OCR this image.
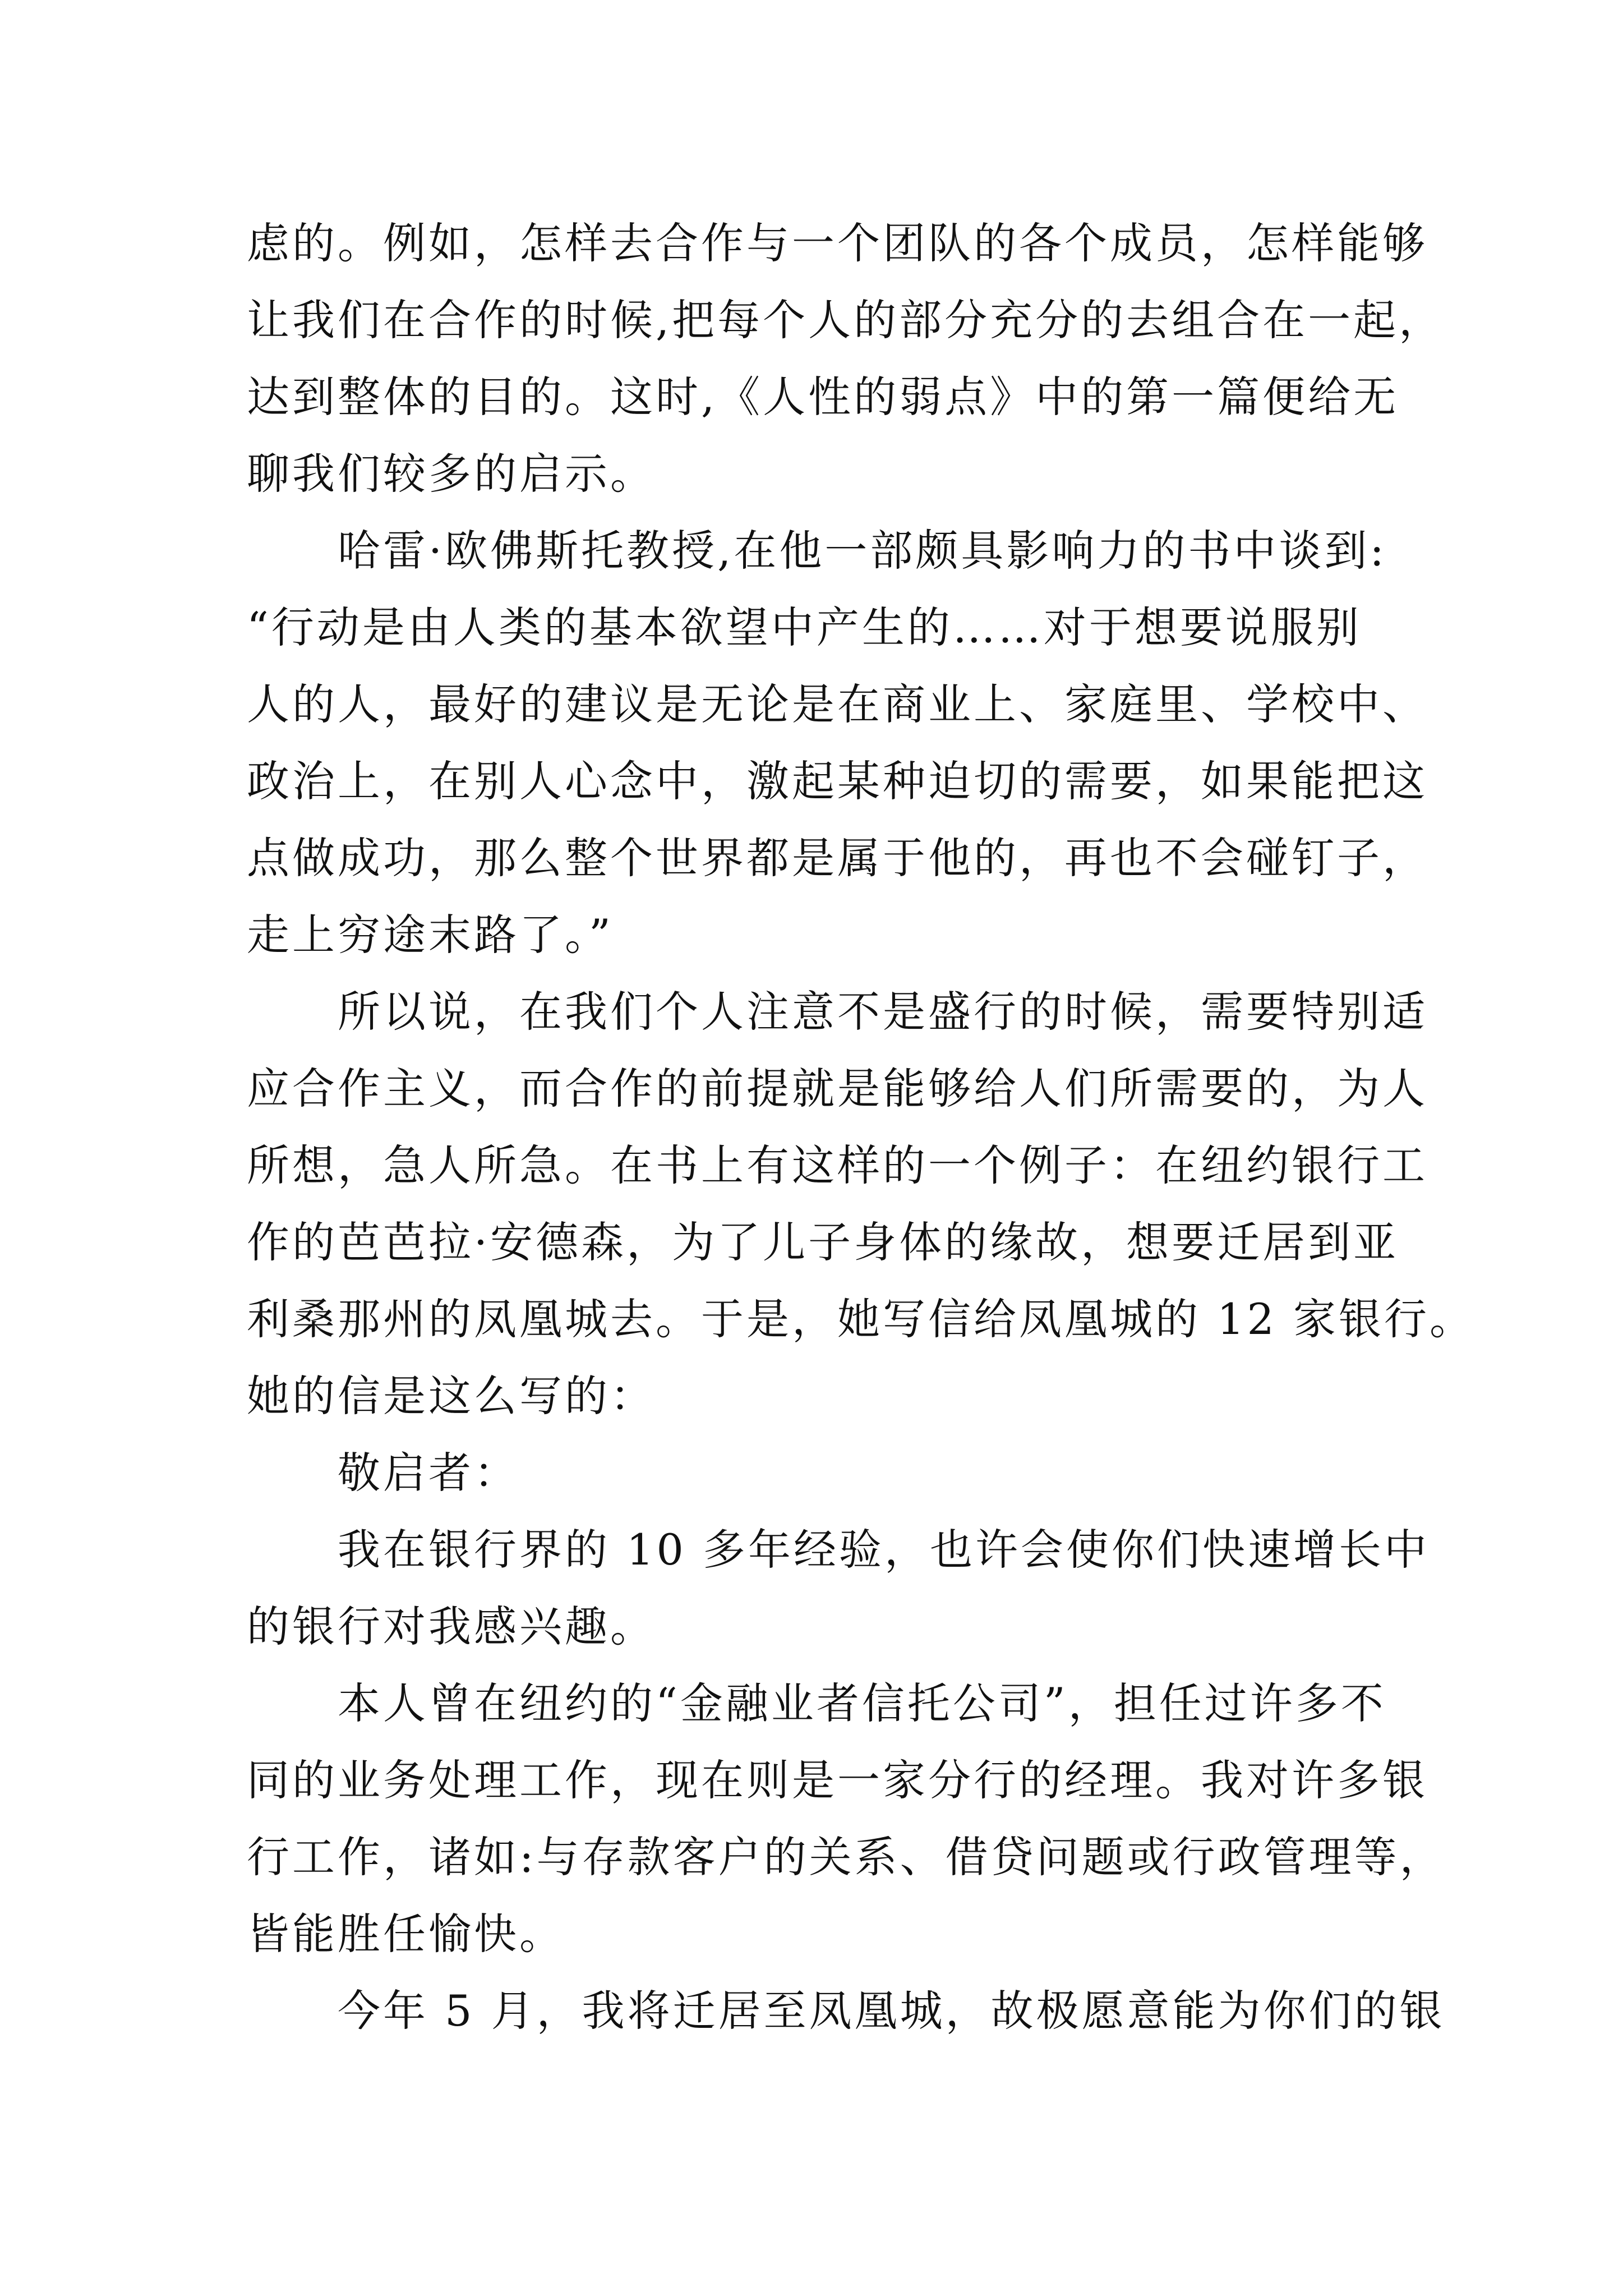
虑的。例如，怎样去合作与一个团队的各个成员，怎样能够
让我们在合作的时候,把每个人的部分充分的去组合在一起，
达到整体的目的。这时,《人性的弱点》中的第一篇便给无
聊我们较多的启示。
哈雷·欧佛斯托教授,在他一部颇具影响力的书中谈到:
“行动是由人类的基本欲望中产生的……对于想要说服别
人的人，最好的建议是无论是在商业上、家庭里、学校中、
政治上，在别人心念中，激起某种迫切的需要，如果能把这
点做成功，那么整个世界都是属于他的，再也不会碰钉子，
走上穷途末路了。”
所以说，在我们个人注意不是盛行的时候，需要特别适
应合作主义，而合作的前提就是能够给人们所需要的，为人
所想，急人所急。在书上有这样的一个例子：在纽约银行工
作的芭芭拉·安德森，为了儿子身体的缘故，想要迁居到亚
利桑那州的凤凰城去。于是，她写信给凤凰城的 12 家银行。
她的信是这么写的：
敬启者：
我在银行界的 10 多年经验，也许会使你们快速增长中
的银行对我感兴趣。
本人曾在纽约的“金融业者信托公司”，担任过许多不
同的业务处理工作，现在则是一家分行的经理。我对许多银
行工作，诸如:与存款客户的关系、借贷问题或行政管理等，
皆能胜任愉快。
今年 5 月，我将迁居至凤凰城，故极愿意能为你们的银
